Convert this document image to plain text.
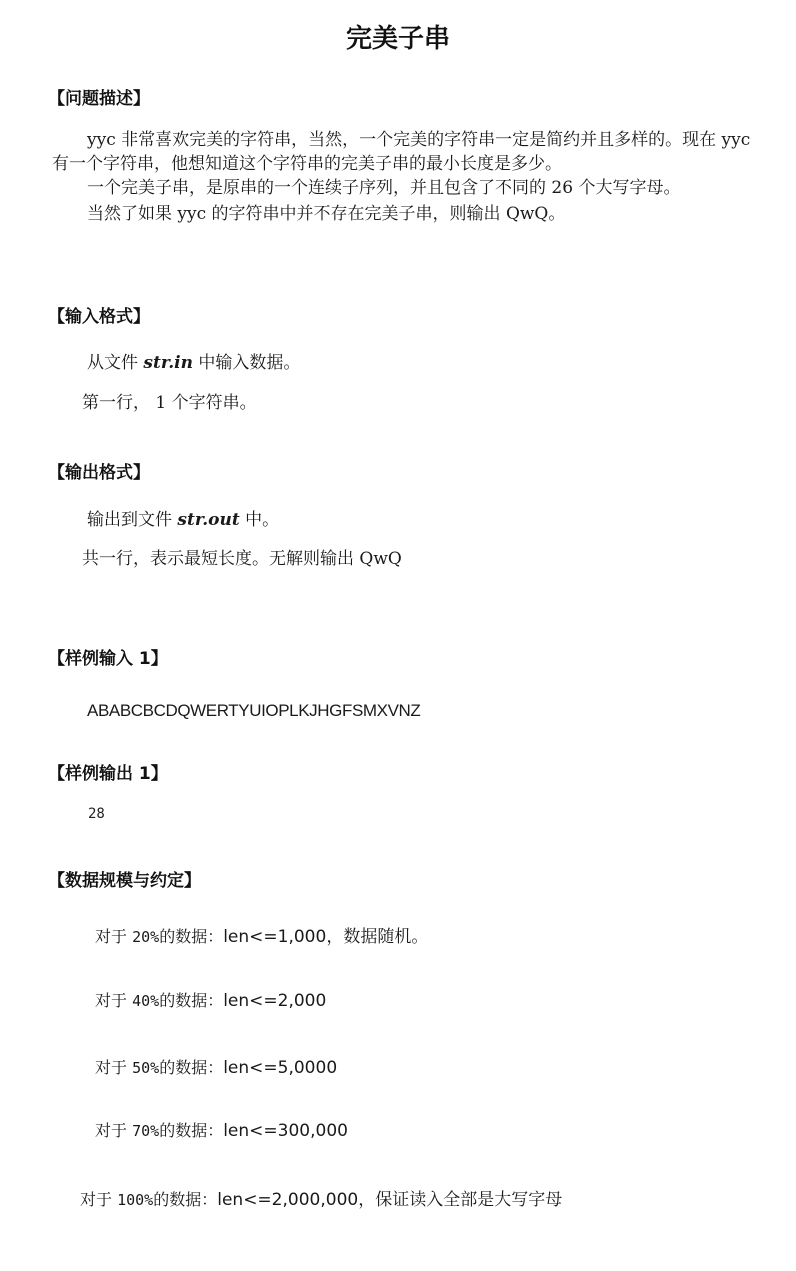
完美子串
【问题描述】

yyc 非常喜欢完美的字符串，当然，一个完美的字符串一定是简约并且多样的。现在 yyc 有一个字符串，他想知道这个字符串的完美子串的最小长度是多少。

一个完美子串，是原串的一个连续子序列，并且包含了不同的 26 个大写字母。

当然了如果 yyc 的字符串中并不存在完美子串，则输出 QwQ。

【输入格式】
从文件 str.in 中输入数据。
第一行， 1 个字符串。
【输出格式】
输出到文件 str.out 中。
共一行，表示最短长度。无解则输出 QwQ
【样例输入 1】
ABABCBCDQWERTYUIOPLKJHGFSMXVNZ
【样例输出 1】
28
【数据规模与约定】
对于 20%的数据：len<=1,000，数据随机。
对于 40%的数据：len<=2,000
对于 50%的数据：len<=5,0000
对于 70%的数据：len<=300,000
对于 100%的数据：len<=2,000,000，保证读入全部是大写字母
